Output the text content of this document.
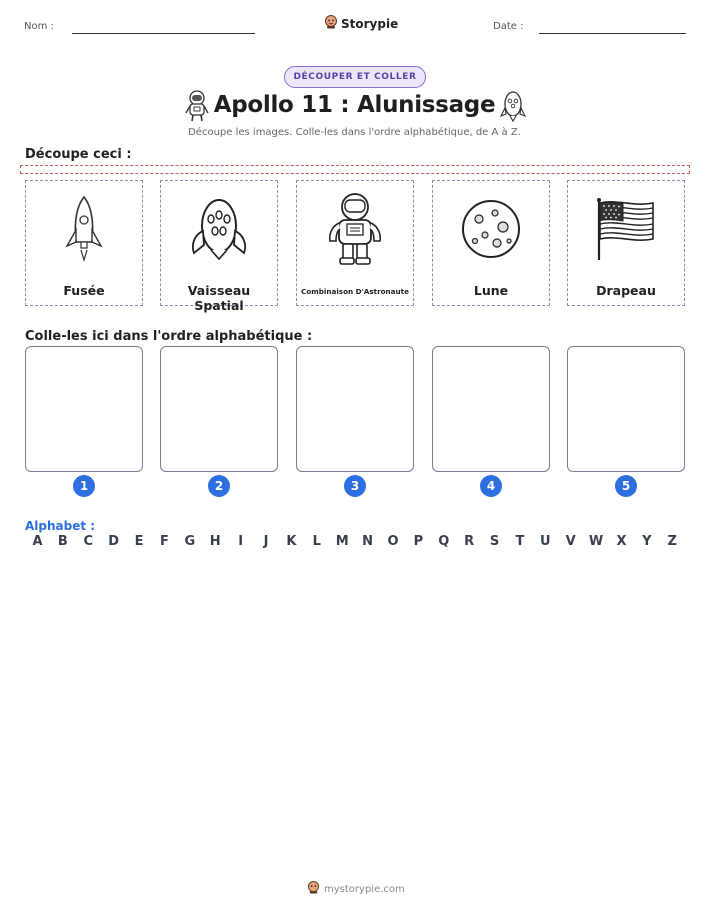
Nom :	Storypie	Date :
DÉCOUPER ET COLLER
Apollo 11 : Alunissage
Découpe les images. Colle-les dans l'ordre alphabétique, de A à Z.
Découpe ceci :
Fusée	Vaisseau Spatial
Combinaison D'Astronaute	Lune	Drapeau
Colle-les ici dans l'ordre alphabétique :
1	2	3	4	5
Alphabet :
A	B	C	D	E	F	G	H	I	J	K	L	M	N	O	P	Q	R	S	T	U	V	W	X	Y	Z
mystorypie.com
